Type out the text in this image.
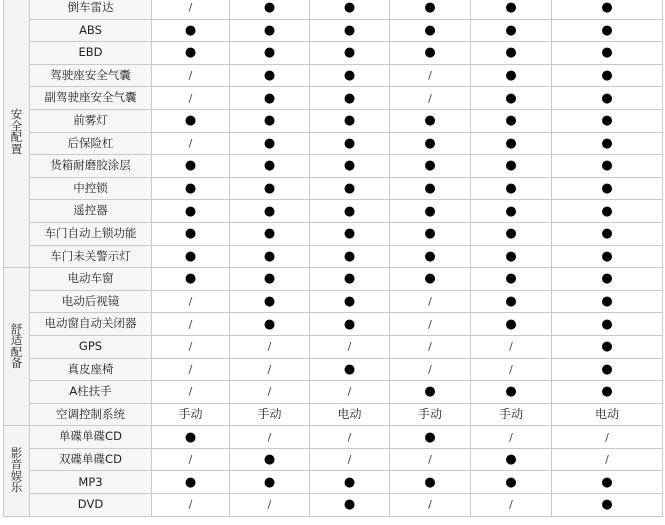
安全配置	倒车雷达	/	●	●	●	●	●
	ABS	●	●	●	●	●	●
	EBD	●	●	●	●	●	●
	驾驶座安全气囊	/	●	●	/	●	●
	副驾驶座安全气囊	/	●	●	/	●	●
	前雾灯	●	●	●	●	●	●
	后保险杠	/	●	●	●	●	●
	货箱耐磨胶涂层	●	●	●	●	●	●
	中控锁	●	●	●	●	●	●
	遥控器	●	●	●	●	●	●
	车门自动上锁功能	●	●	●	●	●	●
	车门未关警示灯	●	●	●	●	●	●
舒适配备	电动车窗	●	●	●	●	●	●
	电动后视镜	/	●	●	/	●	●
	电动窗自动关闭器	/	●	●	/	●	●
	GPS	/	/	/	/	/	●
	真皮座椅	/	/	●	/	/	●
	A柱扶手	/	/	/	●	●	●
	空调控制系统	手动	手动	电动	手动	手动	电动
影音娱乐	单碟单碟CD	●	/	/	●	/	/
	双碟单碟CD	/	●	/	/	●	/
	MP3	●	●	●	●	●	●
	DVD	/	/	●	/	/	●
